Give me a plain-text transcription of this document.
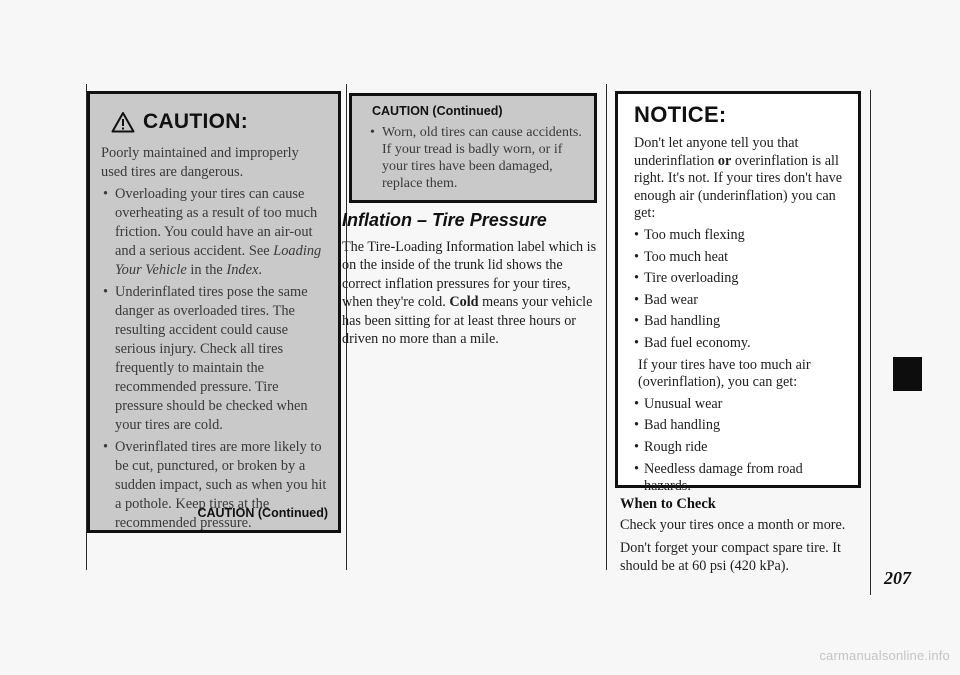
CAUTION:

Poorly maintained and improperly used tires are dangerous.

• Overloading your tires can cause overheating as a result of too much friction. You could have an air-out and a serious accident. See Loading Your Vehicle in the Index.
• Underinflated tires pose the same danger as overloaded tires. The resulting accident could cause serious injury. Check all tires frequently to maintain the recommended pressure. Tire pressure should be checked when your tires are cold.
• Overinflated tires are more likely to be cut, punctured, or broken by a sudden impact, such as when you hit a pothole. Keep tires at the recommended pressure.
CAUTION (Continued)
CAUTION (Continued)
• Worn, old tires can cause accidents. If your tread is badly worn, or if your tires have been damaged, replace them.
Inflation – Tire Pressure
The Tire-Loading Information label which is on the inside of the trunk lid shows the correct inflation pressures for your tires, when they're cold. Cold means your vehicle has been sitting for at least three hours or driven no more than a mile.
NOTICE:

Don't let anyone tell you that underinflation or overinflation is all right. It's not. If your tires don't have enough air (underinflation) you can get:

• Too much flexing
• Too much heat
• Tire overloading
• Bad wear
• Bad handling
• Bad fuel economy.

If your tires have too much air (overinflation), you can get:

• Unusual wear
• Bad handling
• Rough ride
• Needless damage from road hazards.
When to Check
Check your tires once a month or more.
Don't forget your compact spare tire. It should be at 60 psi (420 kPa).
207
carmanualsonline.info
